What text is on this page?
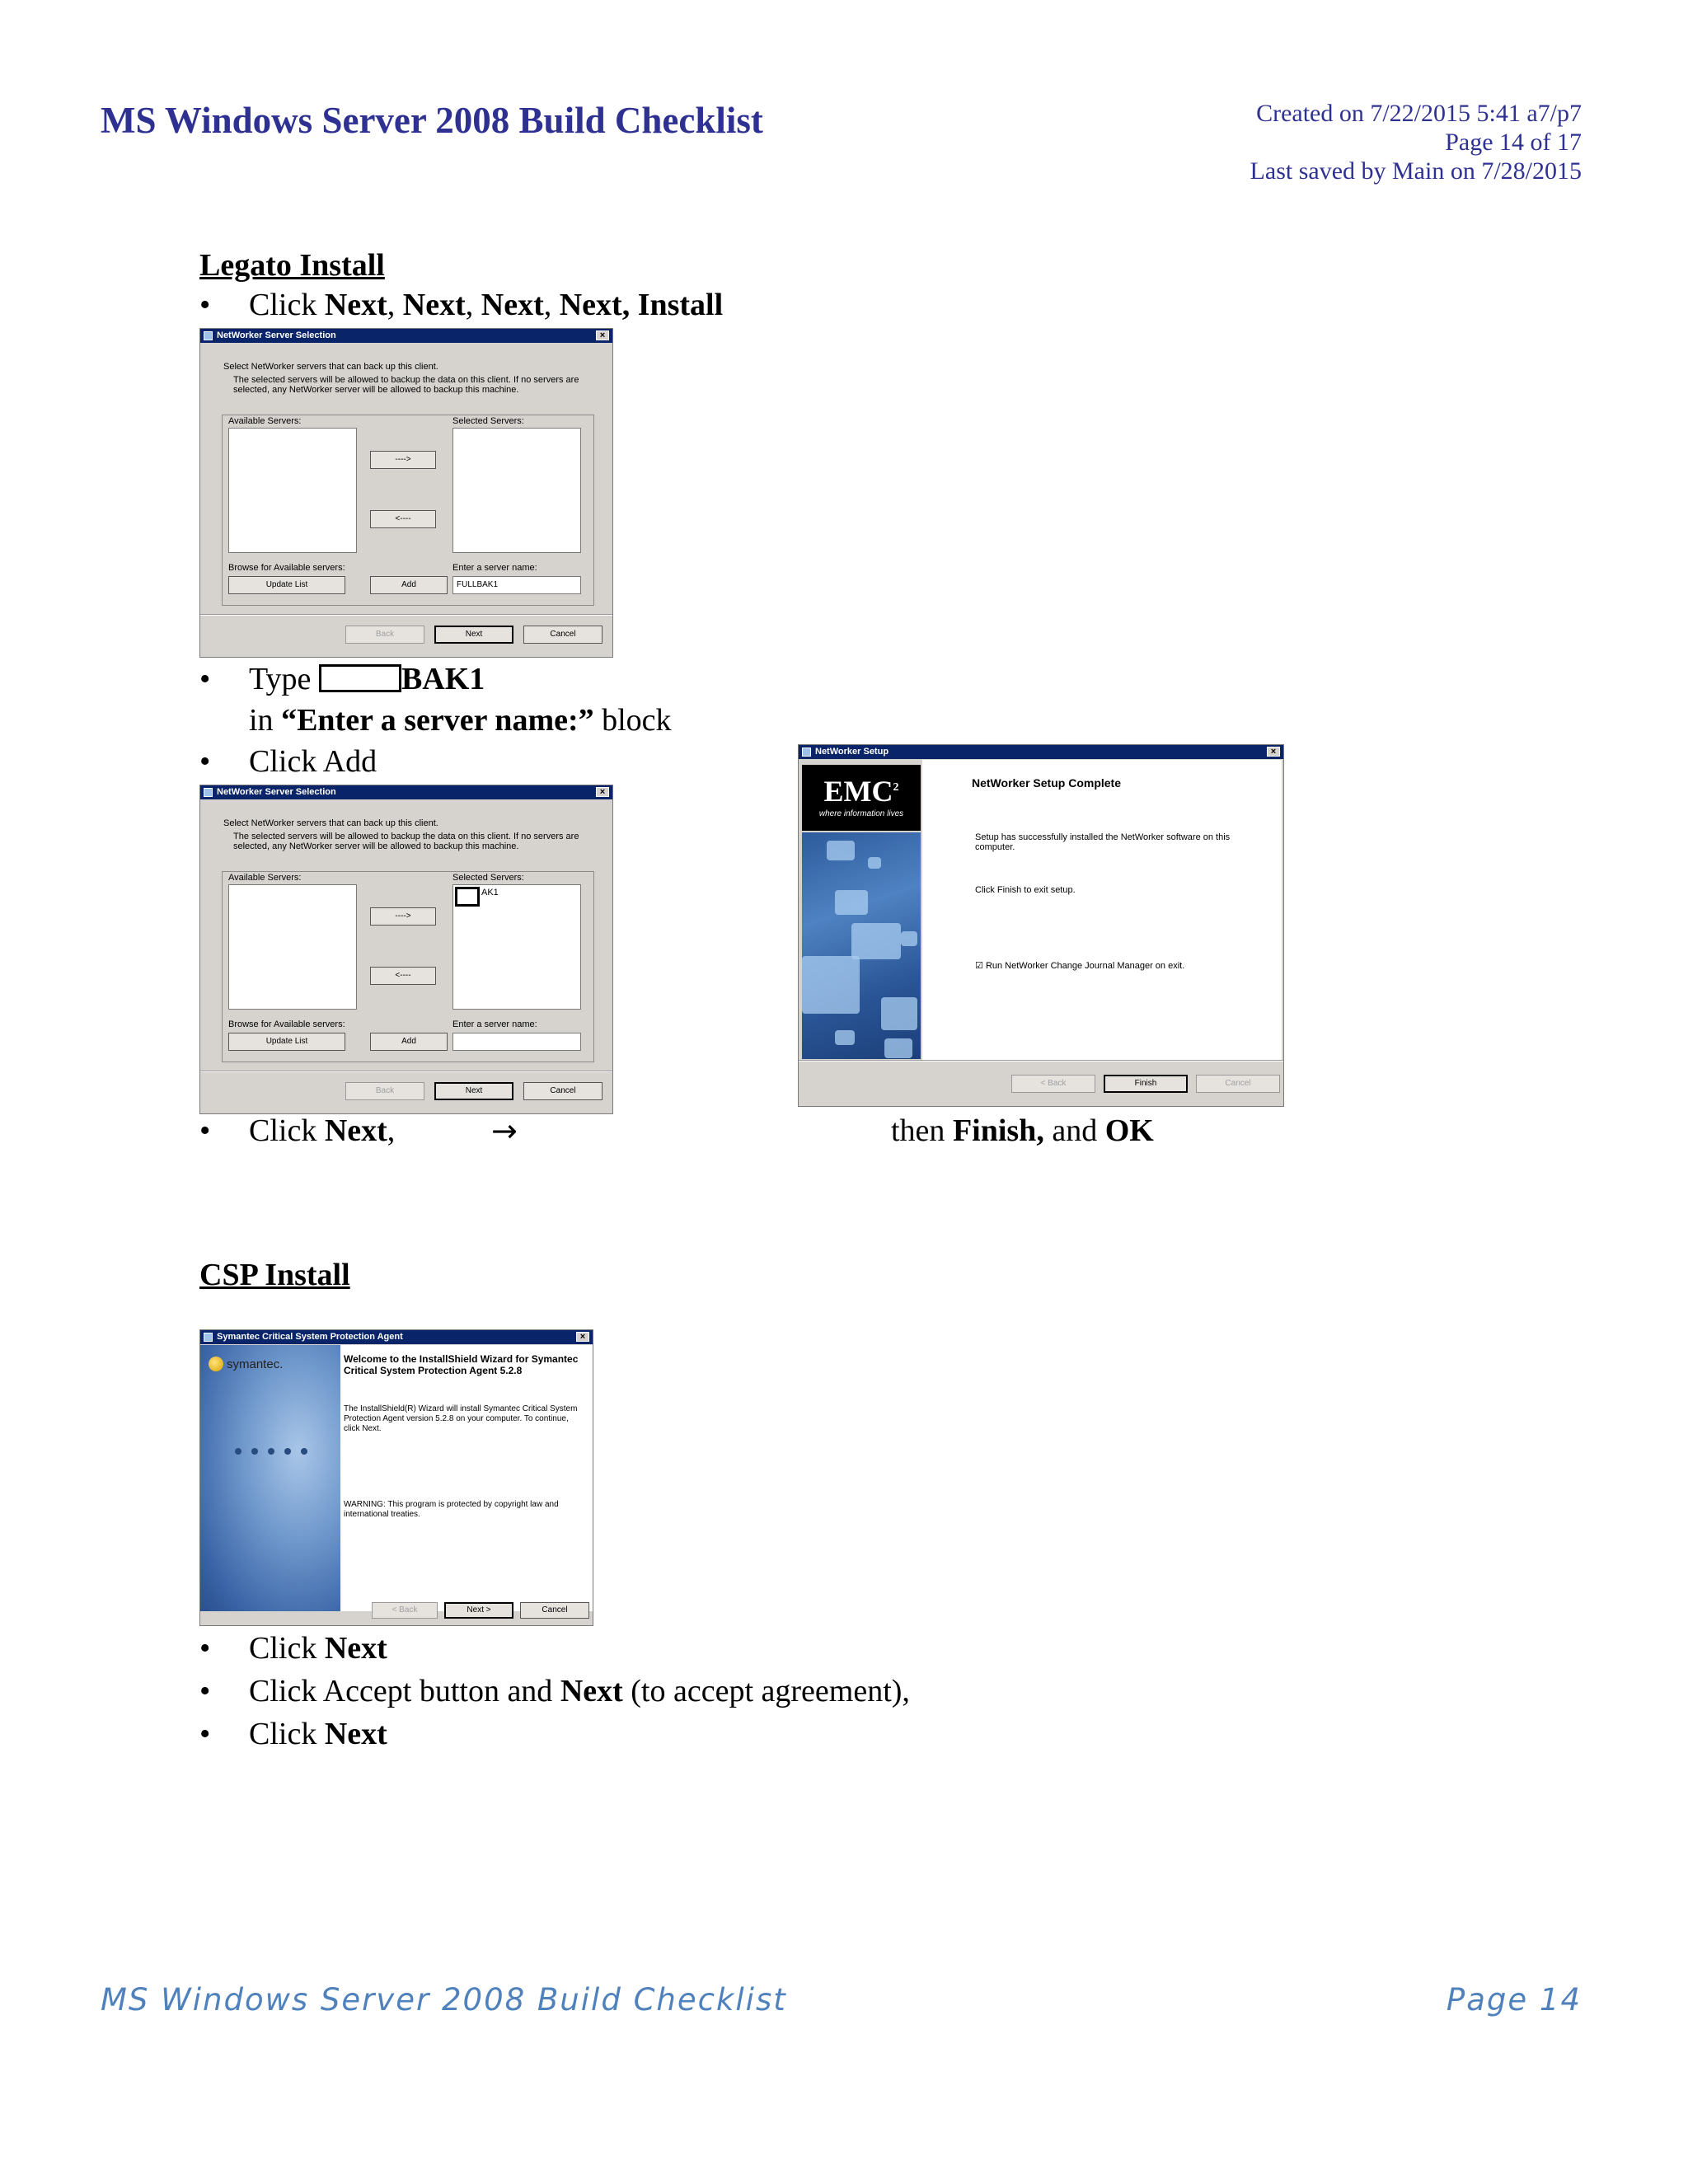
MS Windows Server 2008 Build Checklist	Created on 7/22/2015 5:41 a7/p7
Page 14 of 17
Last saved by Main on 7/28/2015
Legato Install
• Click Next, Next, Next, Next, Install
NetWorker Server Selection	×
Select NetWorker servers that can back up this client.
The selected servers will be allowed to backup the data on this client. If no servers are selected, any NetWorker server will be allowed to backup this machine.
Available Servers:	Selected Servers:
---->
<----
Browse for Available servers:	Enter a server name:
Update List	Add	FULLBAK1
Back	Next	Cancel
• Type	BAK1
in “Enter a server name:” block
• Click Add
NetWorker Server Selection	×
Select NetWorker servers that can back up this client.
The selected servers will be allowed to backup the data on this client. If no servers are selected, any NetWorker server will be allowed to backup this machine.
Available Servers:	Selected Servers:
AK1
---->
<----
Browse for Available servers:	Enter a server name:
Update List	Add
Back	Next	Cancel
NetWorker Setup	×
$EMC^2$
where information lives
NetWorker Setup Complete
Setup has successfully installed the NetWorker software on this computer.
Click Finish to exit setup.
☑ Run NetWorker Change Journal Manager on exit.
< Back	Finish	Cancel
• Click Next,	→	then Finish, and OK
CSP Install
Symantec Critical System Protection Agent	×
symantec.	Welcome to the InstallShield Wizard for Symantec Critical System Protection Agent 5.2.8
The InstallShield(R) Wizard will install Symantec Critical System Protection Agent version 5.2.8 on your computer. To continue, click Next.
WARNING: This program is protected by copyright law and international treaties.
< Back	Next >	Cancel
• Click Next
• Click Accept button and Next (to accept agreement),
• Click Next
MS Windows Server 2008 Build Checklist	Page 14
